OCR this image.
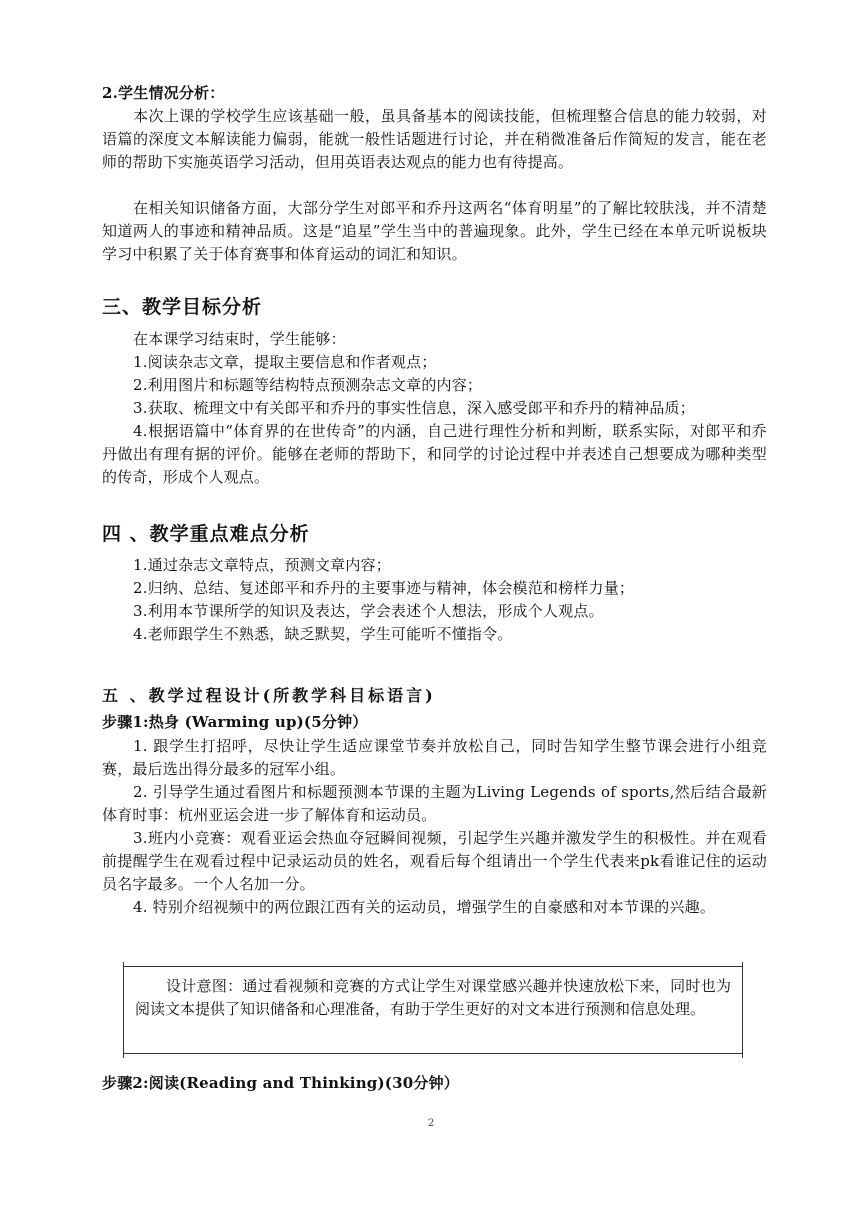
2.学生情况分析：

本次上课的学校学生应该基础一般，虽具备基本的阅读技能，但梳理整合信息的能力较弱，对语篇的深度文本解读能力偏弱，能就一般性话题进行讨论，并在稍微准备后作简短的发言，能在老师的帮助下实施英语学习活动，但用英语表达观点的能力也有待提高。

在相关知识储备方面，大部分学生对郎平和乔丹这两名“体育明星”的了解比较肤浅，并不清楚知道两人的事迹和精神品质。这是“追星”学生当中的普遍现象。此外，学生已经在本单元听说板块学习中积累了关于体育赛事和体育运动的词汇和知识。

三、教学目标分析

在本课学习结束时，学生能够：

1.阅读杂志文章，提取主要信息和作者观点；

2.利用图片和标题等结构特点预测杂志文章的内容；

3.获取、梳理文中有关郎平和乔丹的事实性信息，深入感受郎平和乔丹的精神品质；

4.根据语篇中“体育界的在世传奇”的内涵，自己进行理性分析和判断，联系实际，对郎平和乔丹做出有理有据的评价。能够在老师的帮助下，和同学的讨论过程中并表述自己想要成为哪种类型的传奇，形成个人观点。

四 、教学重点难点分析

1.通过杂志文章特点，预测文章内容；

2.归纳、总结、复述郎平和乔丹的主要事迹与精神，体会模范和榜样力量；

3.利用本节课所学的知识及表达，学会表述个人想法，形成个人观点。

4.老师跟学生不熟悉，缺乏默契，学生可能听不懂指令。

五 、教学过程设计(所教学科目标语言)

步骤1:热身 (Warming up)(5分钟）

1. 跟学生打招呼，尽快让学生适应课堂节奏并放松自己，同时告知学生整节课会进行小组竞赛，最后选出得分最多的冠军小组。

2. 引导学生通过看图片和标题预测本节课的主题为Living Legends of sports,然后结合最新体育时事：杭州亚运会进一步了解体育和运动员。

3.班内小竞赛：观看亚运会热血夺冠瞬间视频，引起学生兴趣并激发学生的积极性。并在观看前提醒学生在观看过程中记录运动员的姓名，观看后每个组请出一个学生代表来pk看谁记住的运动员名字最多。一个人名加一分。

4. 特别介绍视频中的两位跟江西有关的运动员，增强学生的自豪感和对本节课的兴趣。

设计意图：通过看视频和竞赛的方式让学生对课堂感兴趣并快速放松下来，同时也为阅读文本提供了知识储备和心理准备，有助于学生更好的对文本进行预测和信息处理。

步骤2:阅读(Reading and Thinking)(30分钟）

2
